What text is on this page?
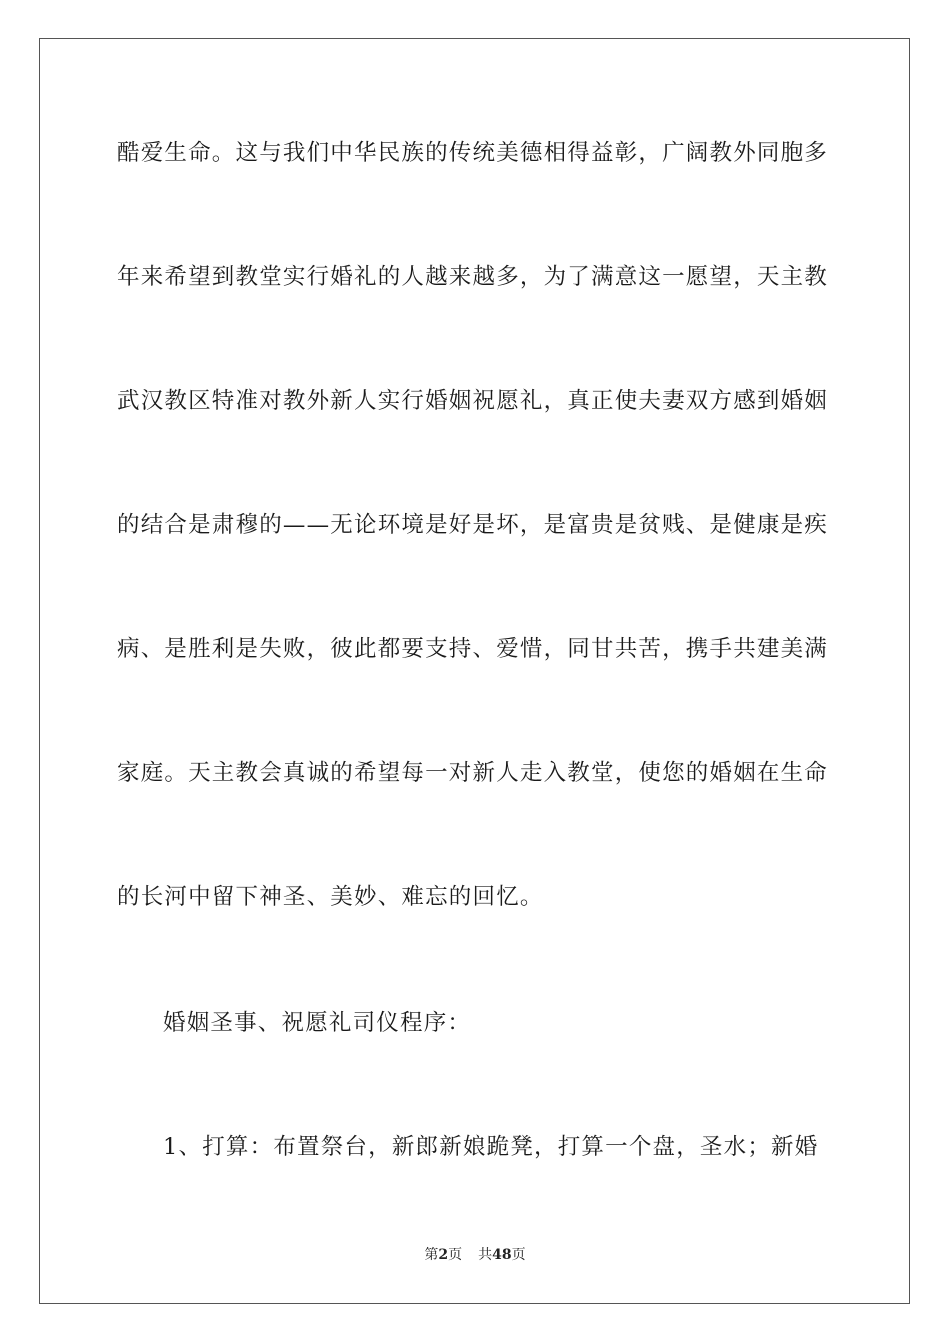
酷爱生命。这与我们中华民族的传统美德相得益彰，广阔教外同胞多
年来希望到教堂实行婚礼的人越来越多，为了满意这一愿望，天主教
武汉教区特准对教外新人实行婚姻祝愿礼，真正使夫妻双方感到婚姻
的结合是肃穆的——无论环境是好是坏，是富贵是贫贱、是健康是疾
病、是胜利是失败，彼此都要支持、爱惜，同甘共苦，携手共建美满
家庭。天主教会真诚的希望每一对新人走入教堂，使您的婚姻在生命
的长河中留下神圣、美妙、难忘的回忆。
婚姻圣事、祝愿礼司仪程序：
1、打算：布置祭台，新郎新娘跪凳，打算一个盘，圣水；新婚
第2页 共48页
